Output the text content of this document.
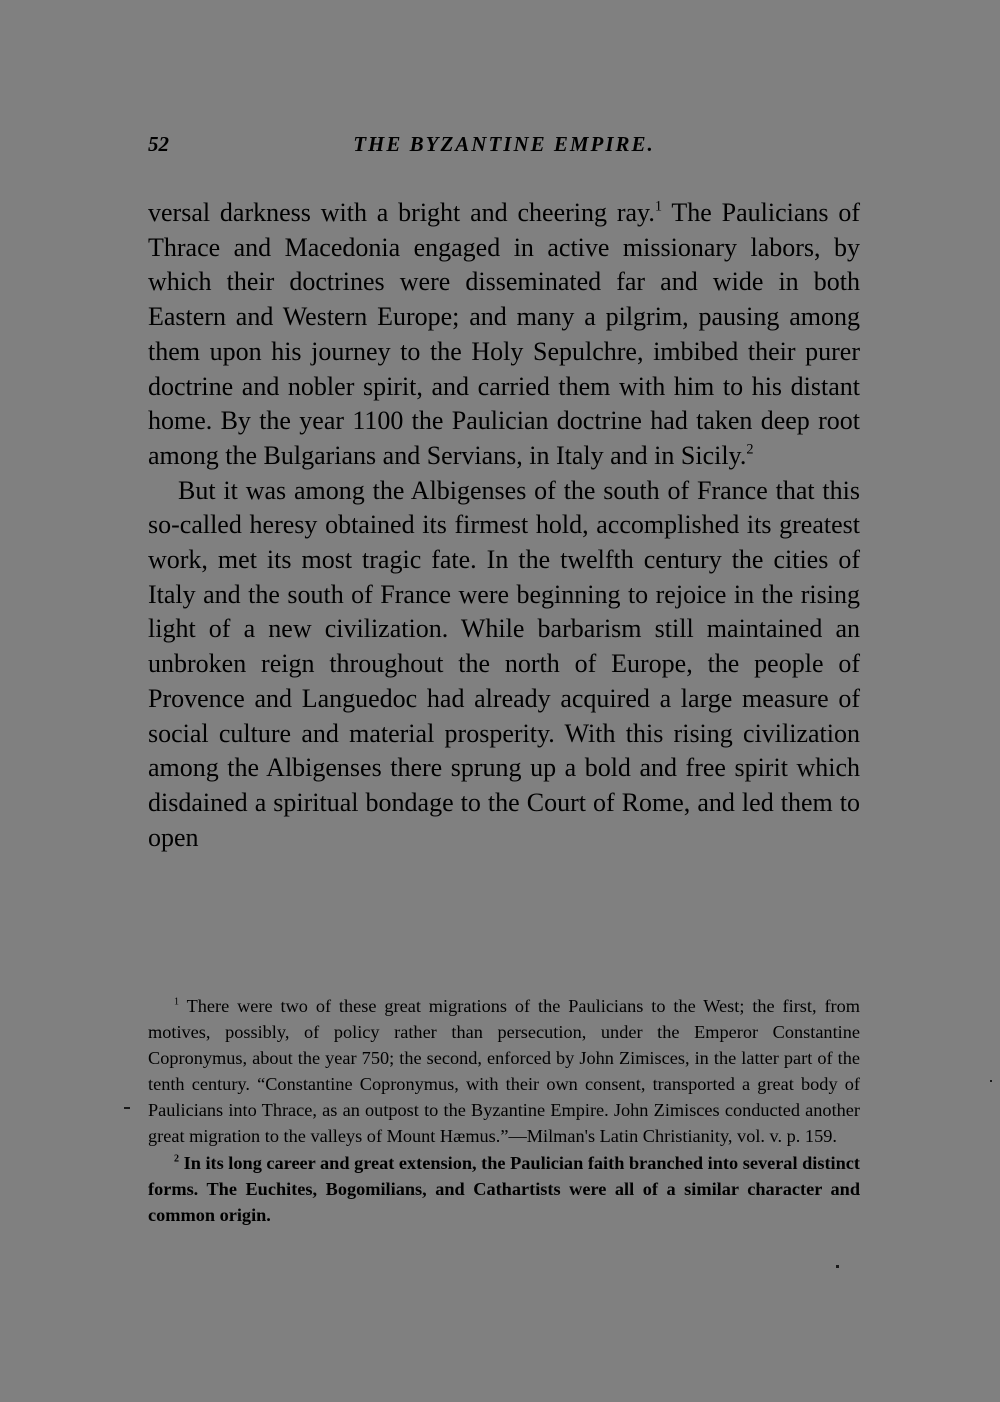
52	THE BYZANTINE EMPIRE.

versal darkness with a bright and cheering ray.$^1$ The Paulicians of Thrace and Macedonia engaged in active missionary labors, by which their doctrines were disseminated far and wide in both Eastern and Western Europe; and many a pilgrim, pausing among them upon his journey to the Holy Sepulchre, imbibed their purer doctrine and nobler spirit, and carried them with him to his distant home. By the year 1100 the Paulician doctrine had taken deep root among the Bulgarians and Servians, in Italy and in Sicily.$^2$

But it was among the Albigenses of the south of France that this so-called heresy obtained its firmest hold, accomplished its greatest work, met its most tragic fate. In the twelfth century the cities of Italy and the south of France were beginning to rejoice in the rising light of a new civilization. While barbarism still maintained an unbroken reign throughout the north of Europe, the people of Provence and Languedoc had already acquired a large measure of social culture and material prosperity. With this rising civilization among the Albigenses there sprung up a bold and free spirit which disdained a spiritual bondage to the Court of Rome, and led them to open

$^1$ There were two of these great migrations of the Paulicians to the West; the first, from motives, possibly, of policy rather than persecution, under the Emperor Constantine Copronymus, about the year 750; the second, enforced by John Zimisces, in the latter part of the tenth century. “Constantine Copronymus, with their own consent, transported a great body of Paulicians into Thrace, as an outpost to the Byzantine Empire. John Zimisces conducted another great migration to the valleys of Mount Hæmus.”—Milman's Latin Christianity, vol. v. p. 159.

$^2$ In its long career and great extension, the Paulician faith branched into several distinct forms. The Euchites, Bogomilians, and Cathartists were all of a similar character and common origin.
